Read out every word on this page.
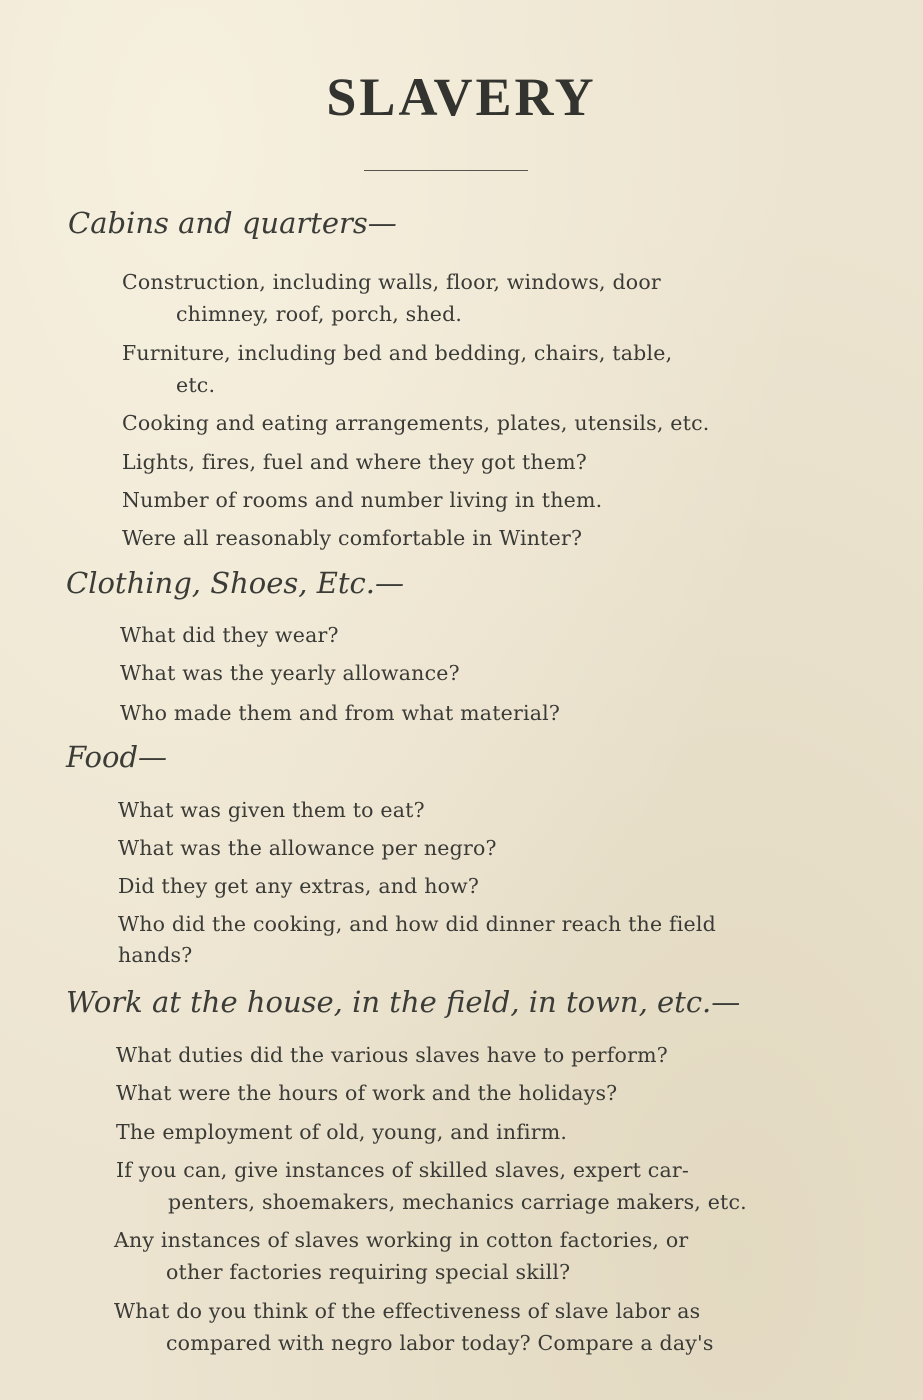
SLAVERY
Cabins and quarters—
Construction, including walls, floor, windows, door
chimney, roof, porch, shed.
Furniture, including bed and bedding, chairs, table,
etc.
Cooking and eating arrangements, plates, utensils, etc.
Lights, fires, fuel and where they got them?
Number of rooms and number living in them.
Were all reasonably comfortable in Winter?
Clothing, Shoes, Etc.—
What did they wear?
What was the yearly allowance?
Who made them and from what material?
Food—
What was given them to eat?
What was the allowance per negro?
Did they get any extras, and how?
Who did the cooking, and how did dinner reach the field
hands?
Work at the house, in the field, in town, etc.—
What duties did the various slaves have to perform?
What were the hours of work and the holidays?
The employment of old, young, and infirm.
If you can, give instances of skilled slaves, expert car-
penters, shoemakers, mechanics carriage makers, etc.
Any instances of slaves working in cotton factories, or
other factories requiring special skill?
What do you think of the effectiveness of slave labor as
compared with negro labor today? Compare a day's
